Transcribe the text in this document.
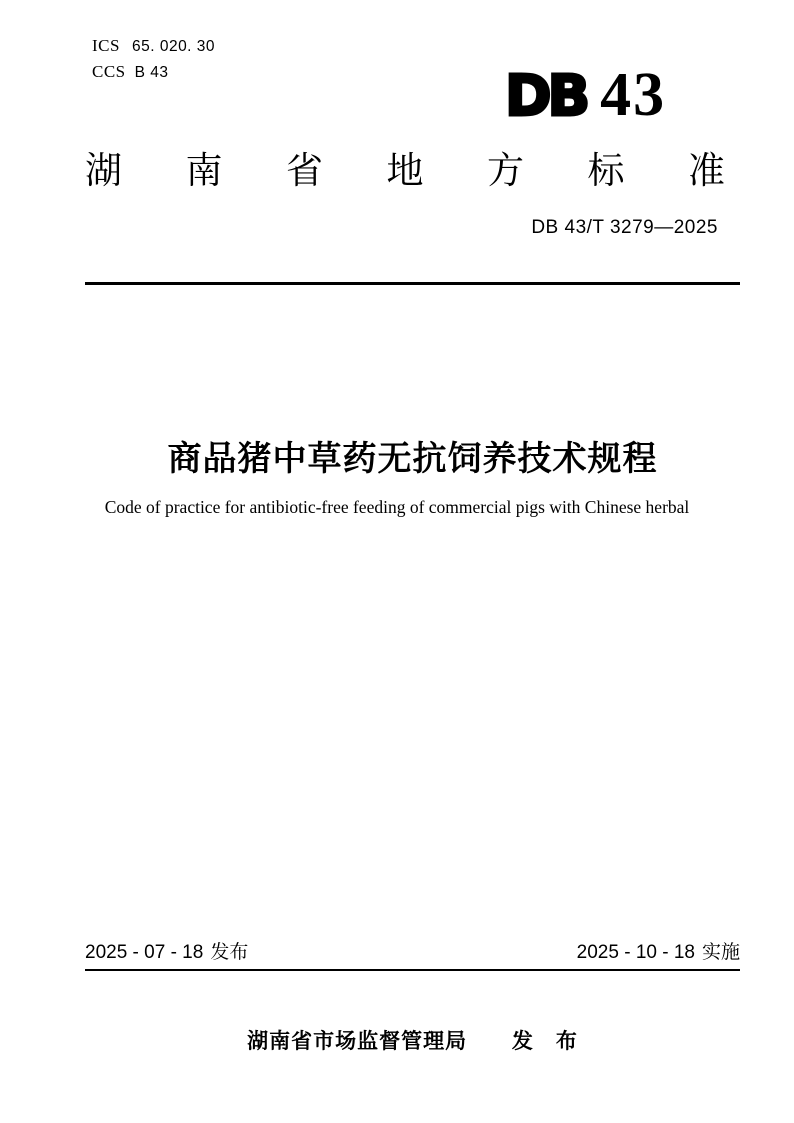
ICS 65. 020. 30
CCS B 43	DB 43
湖 南 省 地 方 标 准
DB 43/T 3279—2025
商品猪中草药无抗饲养技术规程
Code of practice for antibiotic-free feeding of commercial pigs with Chinese herbal
2025 - 07 - 18 发布	2025 - 10 - 18 实施
湖南省市场监督管理局 发　布
